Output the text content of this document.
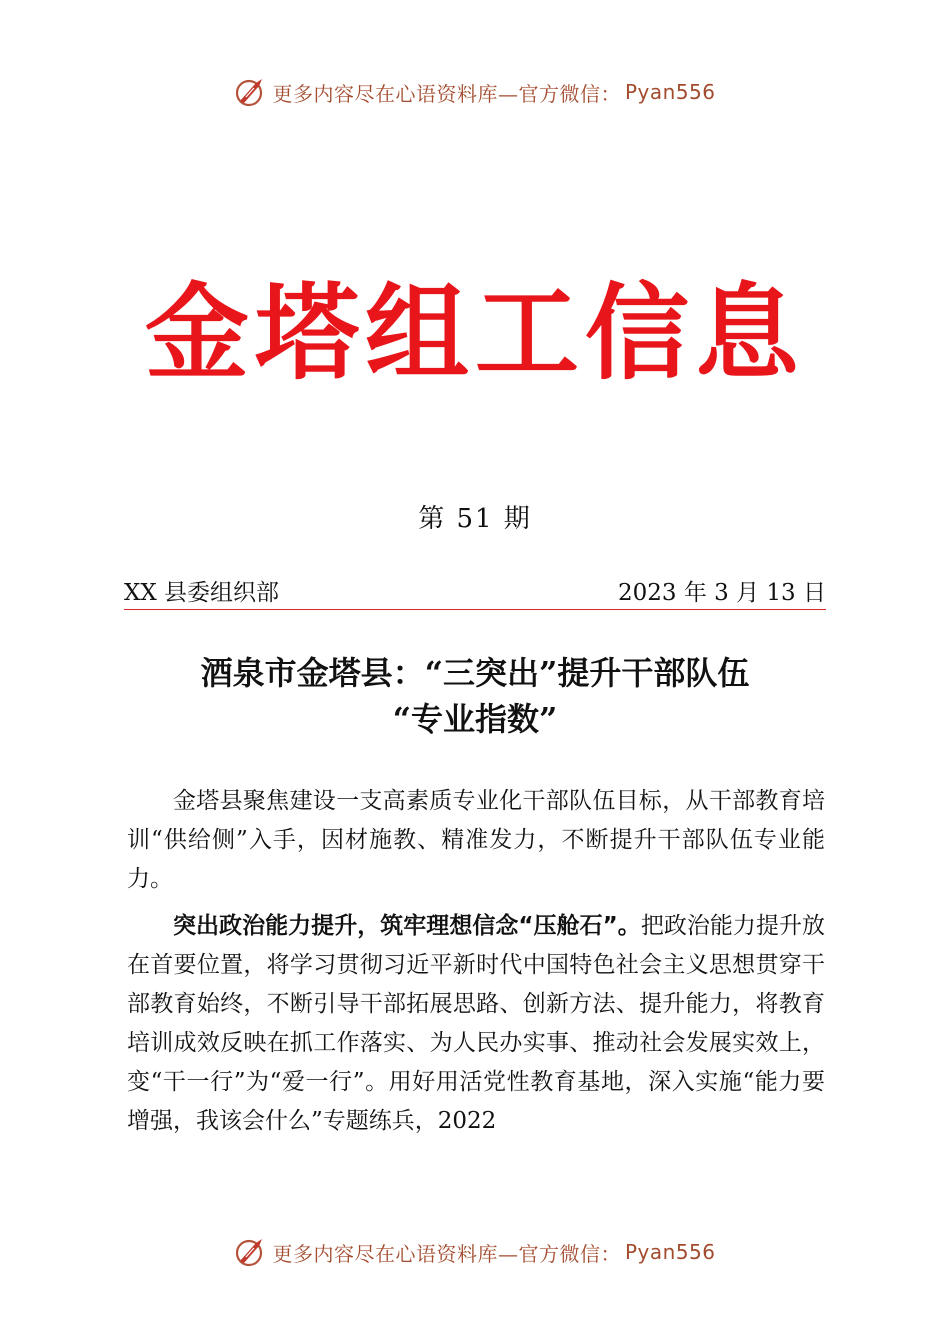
更多内容尽在心语资料库—官方微信： Pyan556
金塔组工信息
第 51 期
XX 县委组织部	2023 年 3 月 13 日
酒泉市金塔县：“三突出”提升干部队伍
“专业指数”

金塔县聚焦建设一支高素质专业化干部队伍目标，从干部教育培训“供给侧”入手，因材施教、精准发力，不断提升干部队伍专业能力。

突出政治能力提升，筑牢理想信念“压舱石”。把政治能力提升放在首要位置，将学习贯彻习近平新时代中国特色社会主义思想贯穿干部教育始终，不断引导干部拓展思路、创新方法、提升能力，将教育培训成效反映在抓工作落实、为人民办实事、推动社会发展实效上，变“干一行”为“爱一行”。用好用活党性教育基地，深入实施“能力要增强，我该会什么”专题练兵，2022

更多内容尽在心语资料库—官方微信： Pyan556
